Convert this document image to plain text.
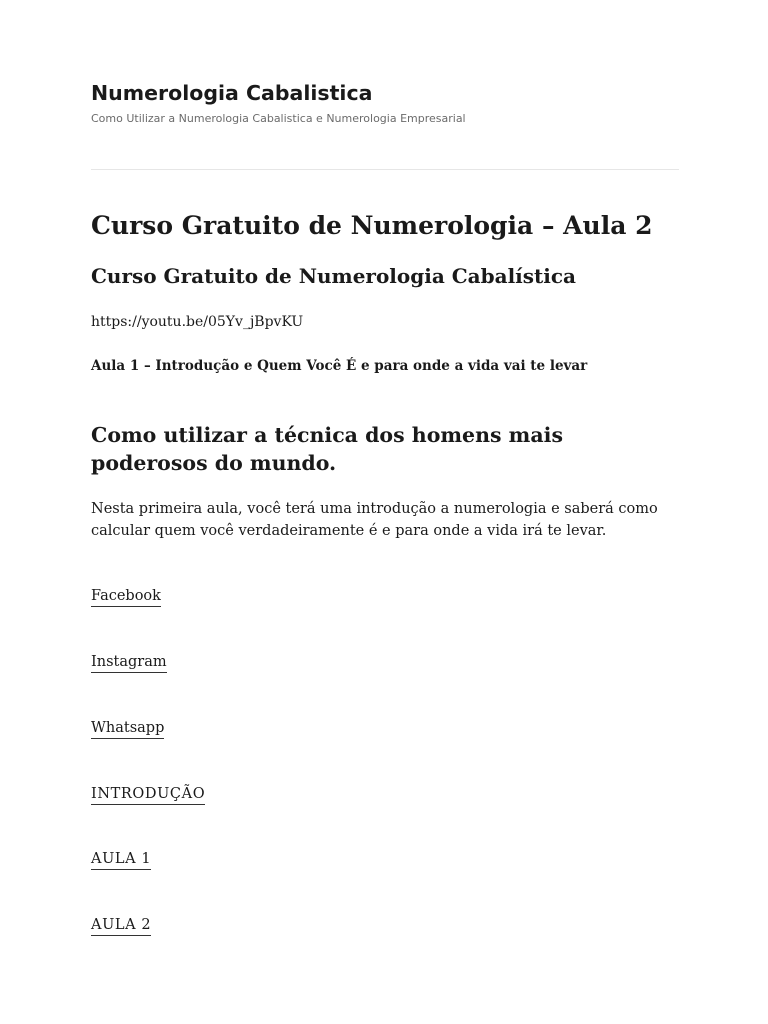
Numerologia Cabalistica

Como Utilizar a Numerologia Cabalistica e Numerologia Empresarial

Curso Gratuito de Numerologia – Aula 2
Curso Gratuito de Numerologia Cabalística

https://youtu.be/05Yv_jBpvKU

Aula 1 – Introdução e Quem Você É e para onde a vida vai te levar

Como utilizar a técnica dos homens mais poderosos do mundo.

Nesta primeira aula, você terá uma introdução a numerologia e saberá como calcular quem você verdadeiramente é e para onde a vida irá te levar.

Facebook
Instagram
Whatsapp
INTRODUÇÃO
AULA 1
AULA 2
